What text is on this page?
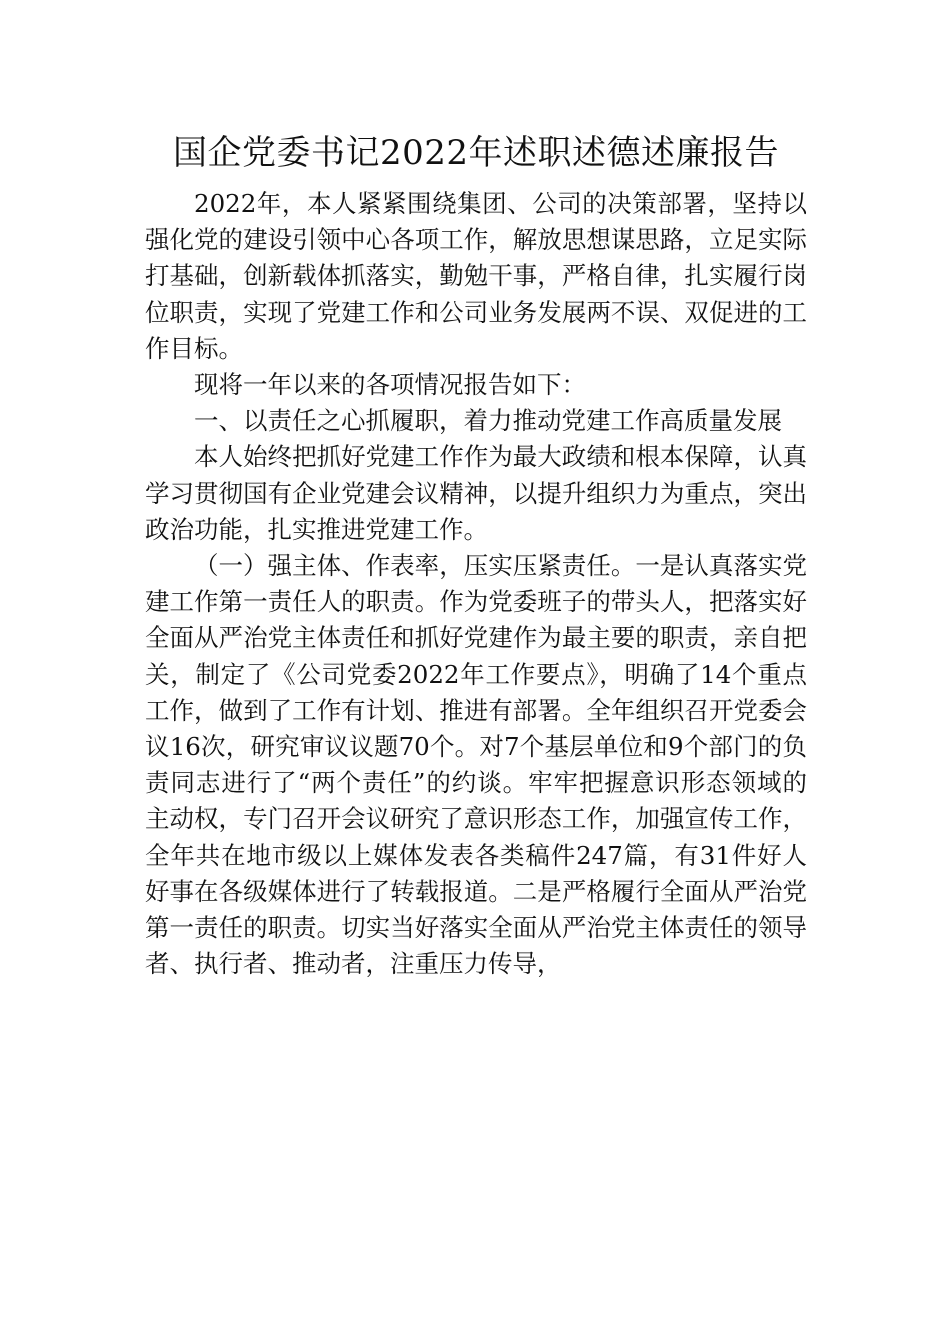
国企党委书记2022年述职述德述廉报告

2022年，本人紧紧围绕集团、公司的决策部署，坚持以强化党的建设引领中心各项工作，解放思想谋思路，立足实际打基础，创新载体抓落实，勤勉干事，严格自律，扎实履行岗位职责，实现了党建工作和公司业务发展两不误、双促进的工作目标。

现将一年以来的各项情况报告如下：

一、以责任之心抓履职，着力推动党建工作高质量发展

本人始终把抓好党建工作作为最大政绩和根本保障，认真学习贯彻国有企业党建会议精神，以提升组织力为重点，突出政治功能，扎实推进党建工作。

（一）强主体、作表率，压实压紧责任。一是认真落实党建工作第一责任人的职责。作为党委班子的带头人，把落实好全面从严治党主体责任和抓好党建作为最主要的职责，亲自把关，制定了《公司党委2022年工作要点》，明确了14个重点工作，做到了工作有计划、推进有部署。全年组织召开党委会议16次，研究审议议题70个。对7个基层单位和9个部门的负责同志进行了“两个责任”的约谈。牢牢把握意识形态领域的主动权，专门召开会议研究了意识形态工作，加强宣传工作，全年共在地市级以上媒体发表各类稿件247篇，有31件好人好事在各级媒体进行了转载报道。二是严格履行全面从严治党第一责任的职责。切实当好落实全面从严治党主体责任的领导者、执行者、推动者，注重压力传导，
